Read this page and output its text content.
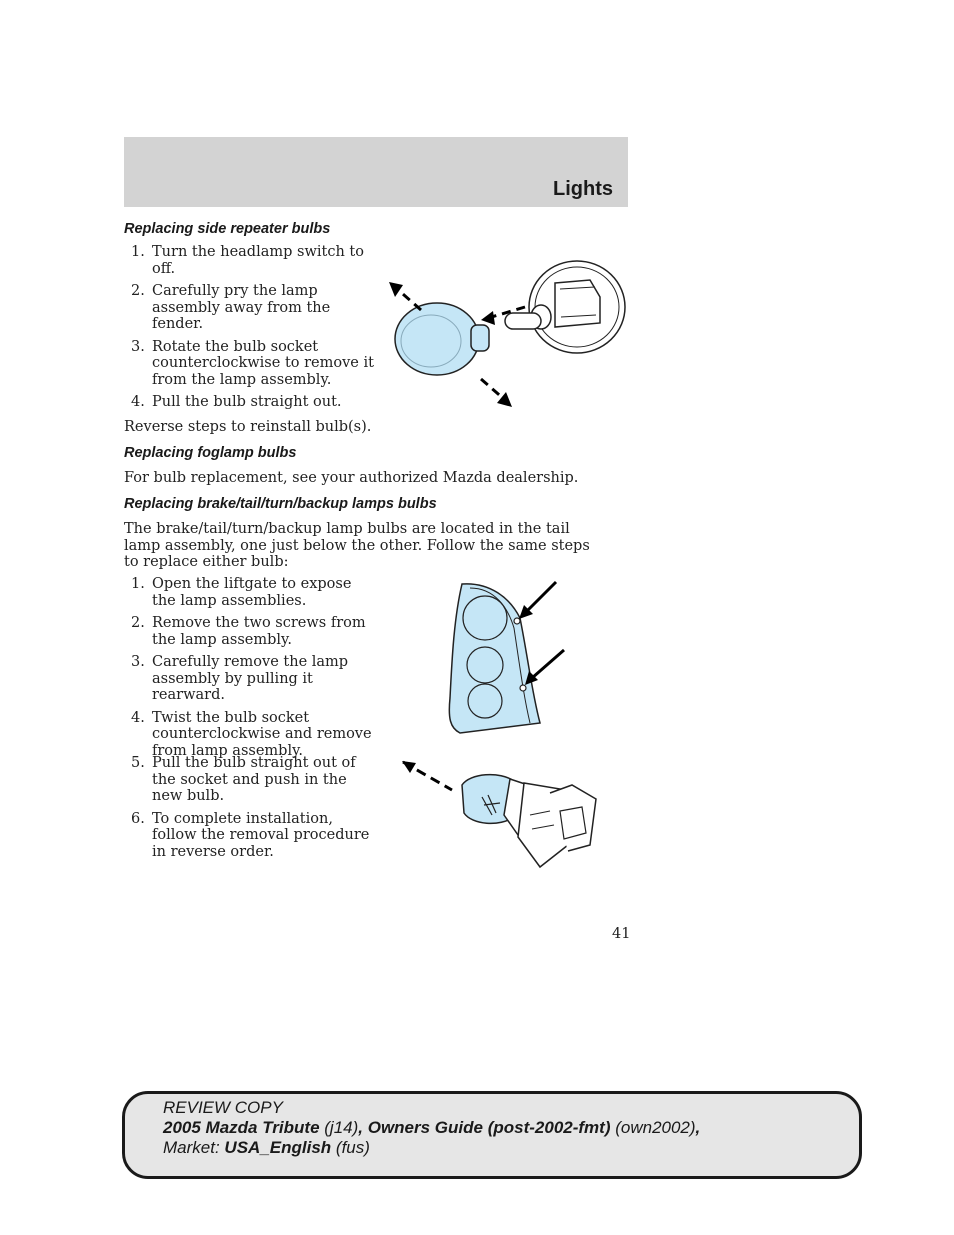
Lights
Replacing side repeater bulbs
1. Turn the headlamp switch to off.
2. Carefully pry the lamp assembly away from the fender.
3. Rotate the bulb socket counterclockwise to remove it from the lamp assembly.
4. Pull the bulb straight out.

Reverse steps to reinstall bulb(s).

Replacing foglamp bulbs

For bulb replacement, see your authorized Mazda dealership.

Replacing brake/tail/turn/backup lamps bulbs

The brake/tail/turn/backup lamp bulbs are located in the tail lamp assembly, one just below the other. Follow the same steps to replace either bulb:

1. Open the liftgate to expose the lamp assemblies.
2. Remove the two screws from the lamp assembly.
3. Carefully remove the lamp assembly by pulling it rearward.
4. Twist the bulb socket counterclockwise and remove from lamp assembly.
5. Pull the bulb straight out of the socket and push in the new bulb.
6. To complete installation, follow the removal procedure in reverse order.
41
REVIEW COPY
2005 Mazda Tribute (j14), Owners Guide (post-2002-fmt) (own2002),
Market: USA_English (fus)
